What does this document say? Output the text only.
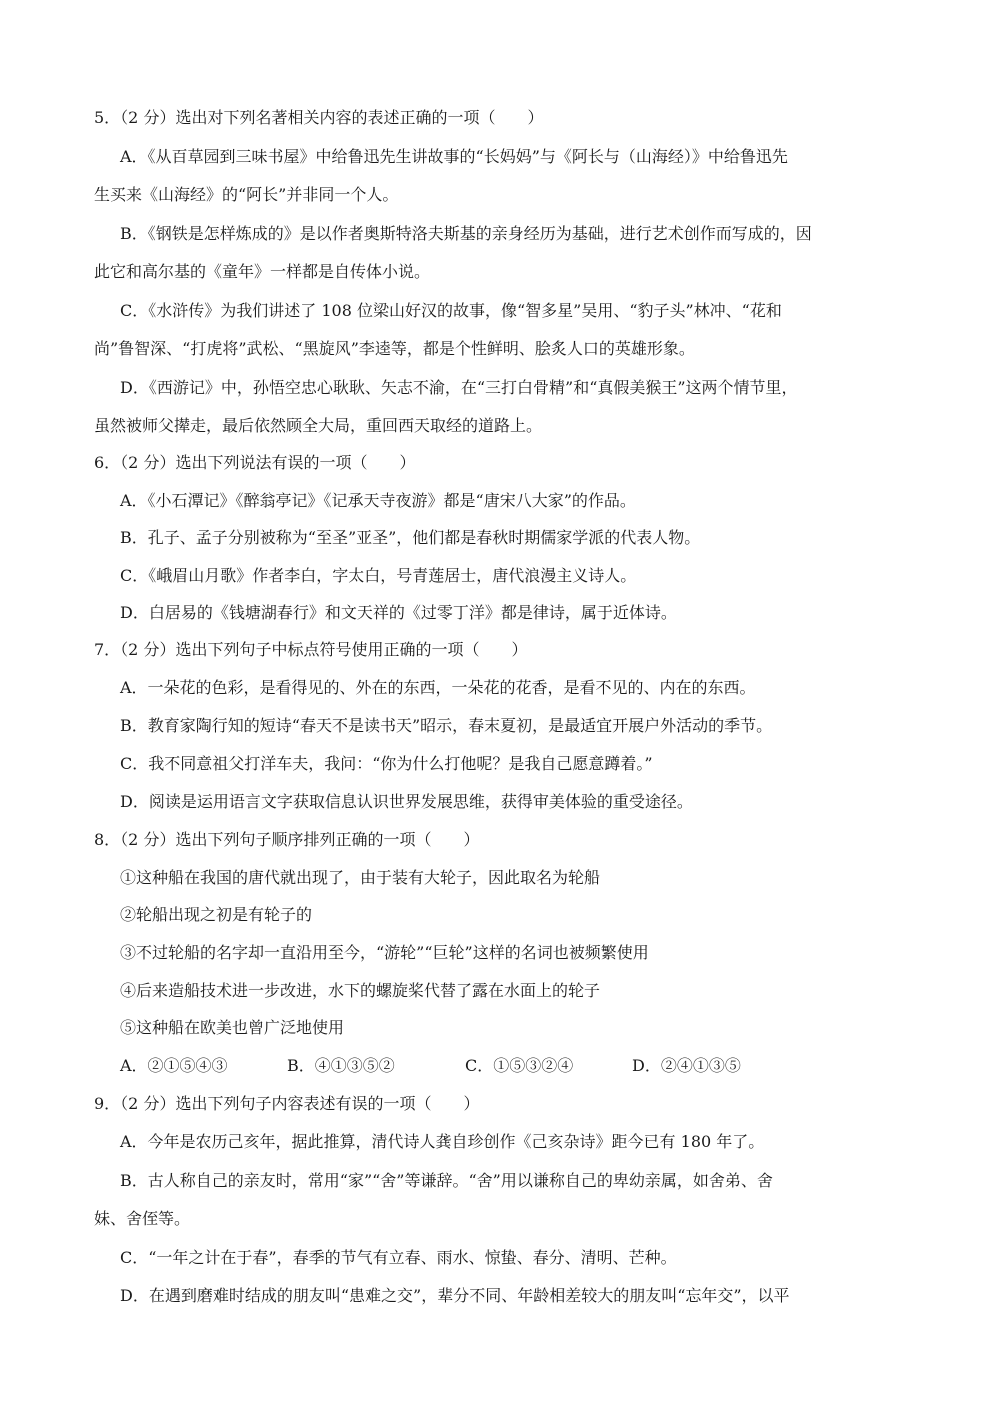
5．（2 分）选出对下列名著相关内容的表述正确的一项（　　）
A．《从百草园到三味书屋》中给鲁迅先生讲故事的“长妈妈”与《阿长与（山海经）》中给鲁迅先
生买来《山海经》的“阿长”并非同一个人。
B．《钢铁是怎样炼成的》是以作者奥斯特洛夫斯基的亲身经历为基础，进行艺术创作而写成的，因
此它和高尔基的《童年》一样都是自传体小说。
C．《水浒传》为我们讲述了 108 位梁山好汉的故事，像“智多星”吴用、“豹子头”林冲、“花和
尚”鲁智深、“打虎将”武松、“黑旋风”李逵等，都是个性鲜明、脍炙人口的英雄形象。
D．《西游记》中，孙悟空忠心耿耿、矢志不渝，在“三打白骨精”和“真假美猴王”这两个情节里，
虽然被师父撵走，最后依然顾全大局，重回西天取经的道路上。
6．（2 分）选出下列说法有误的一项（　　）
A．《小石潭记》《醉翁亭记》《记承天寺夜游》都是“唐宋八大家”的作品。
B．孔子、孟子分别被称为“至圣”亚圣”，他们都是春秋时期儒家学派的代表人物。
C．《峨眉山月歌》作者李白，字太白，号青莲居士，唐代浪漫主义诗人。
D．白居易的《钱塘湖春行》和文天祥的《过零丁洋》都是律诗，属于近体诗。
7．（2 分）选出下列句子中标点符号使用正确的一项（　　）
A．一朵花的色彩，是看得见的、外在的东西，一朵花的花香，是看不见的、内在的东西。
B．教育家陶行知的短诗“春天不是读书天”昭示，春末夏初，是最适宜开展户外活动的季节。
C．我不同意祖父打洋车夫，我问：“你为什么打他呢？是我自己愿意蹲着。”
D．阅读是运用语言文字获取信息认识世界发展思维，获得审美体验的重受途径。
8．（2 分）选出下列句子顺序排列正确的一项（　　）
①这种船在我国的唐代就出现了，由于装有大轮子，因此取名为轮船
②轮船出现之初是有轮子的
③不过轮船的名字却一直沿用至今，“游轮”“巨轮”这样的名词也被频繁使用
④后来造船技术进一步改进，水下的螺旋桨代替了露在水面上的轮子
⑤这种船在欧美也曾广泛地使用
A．②①⑤④③	B．④①③⑤②	C．①⑤③②④	D．②④①③⑤
9．（2 分）选出下列句子内容表述有误的一项（　　）
A．今年是农历己亥年，据此推算，清代诗人龚自珍创作《己亥杂诗》距今已有 180 年了。
B．古人称自己的亲友时，常用“家”“舍”等谦辞。“舍”用以谦称自己的卑幼亲属，如舍弟、舍
妹、舍侄等。
C．“一年之计在于春”，春季的节气有立春、雨水、惊蛰、春分、清明、芒种。
D．在遇到磨难时结成的朋友叫“患难之交”，辈分不同、年龄相差较大的朋友叫“忘年交”，以平
